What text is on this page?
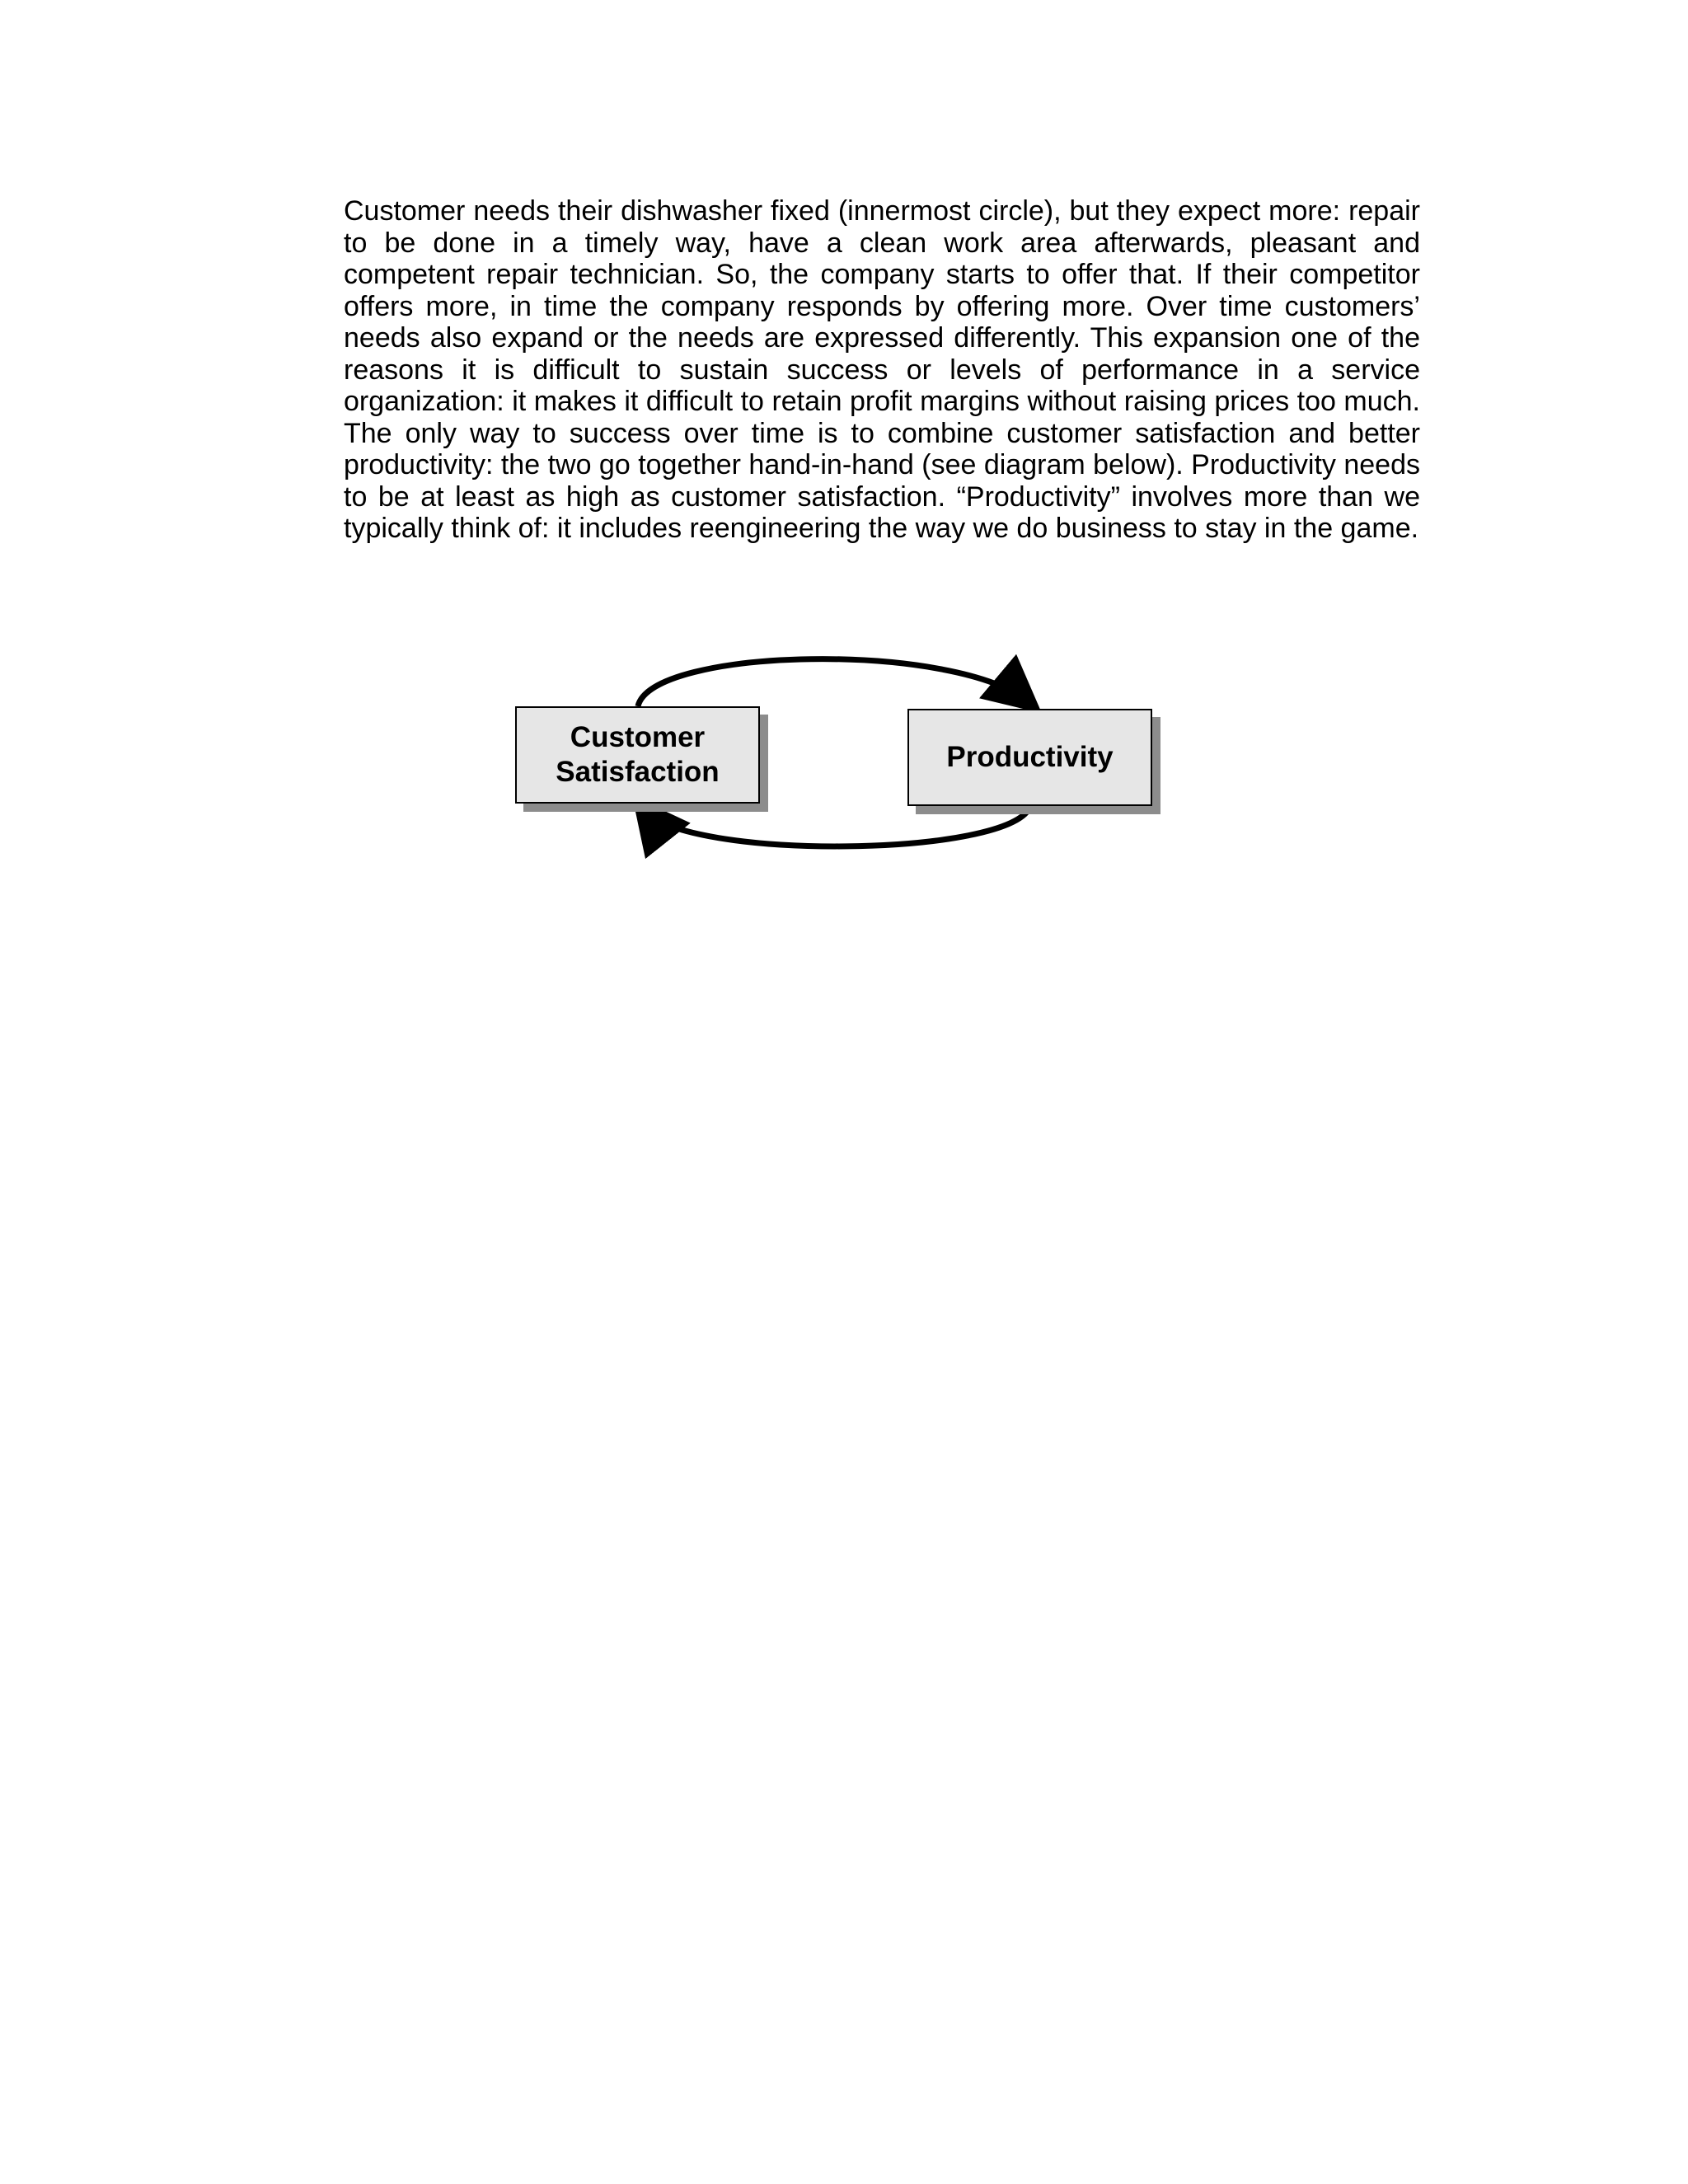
Customer needs their dishwasher fixed (innermost circle), but they expect more: repair to be done in a timely way, have a clean work area afterwards, pleasant and competent repair technician. So, the company starts to offer that. If their competitor offers more, in time the company responds by offering more. Over time customers’ needs also expand or the needs are expressed differently. This expansion one of the reasons it is difficult to sustain success or levels of performance in a service organization: it makes it difficult to retain profit margins without raising prices too much. The only way to success over time is to combine customer satisfaction and better productivity: the two go together hand-in-hand (see diagram below). Productivity needs to be at least as high as customer satisfaction. “Productivity” involves more than we typically think of: it includes reengineering the way we do business to stay in the game.

Customer
Satisfaction	Productivity
